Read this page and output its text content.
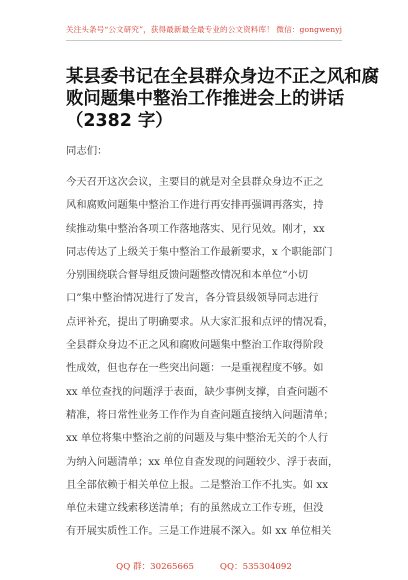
关注头条号“公文研究”，获得最新最全最专业的公文资料库！ 微信：gongwenyj
某县委书记在全县群众身边不正之风和腐
败问题集中整治工作推进会上的讲话
（2382 字）
同志们：
今天召开这次会议，主要目的就是对全县群众身边不正之
风和腐败问题集中整治工作进行再安排再强调再落实，持
续推动集中整治各项工作落地落实、见行见效。刚才，xx
同志传达了上级关于集中整治工作最新要求，x 个职能部门
分别围绕联合督导组反馈问题整改情况和本单位“小切
口”集中整治情况进行了发言，各分管县级领导同志进行
点评补充，提出了明确要求。从大家汇报和点评的情况看，
全县群众身边不正之风和腐败问题集中整治工作取得阶段
性成效，但也存在一些突出问题：一是重视程度不够。如
xx 单位查找的问题浮于表面，缺少事例支撑，自查问题不
精准，将日常性业务工作作为自查问题直接纳入问题清单；
xx 单位将集中整治之前的问题及与集中整治无关的个人行
为纳入问题清单；xx 单位自查发现的问题较少、浮于表面，
且全部依赖于相关单位上报。二是整治工作不扎实。如 xx
单位未建立线索移送清单；有的虽然成立工作专班，但没
有开展实质性工作。三是工作进展不深入。如 xx 单位相关
QQ 群：30265665	QQ：535304092
